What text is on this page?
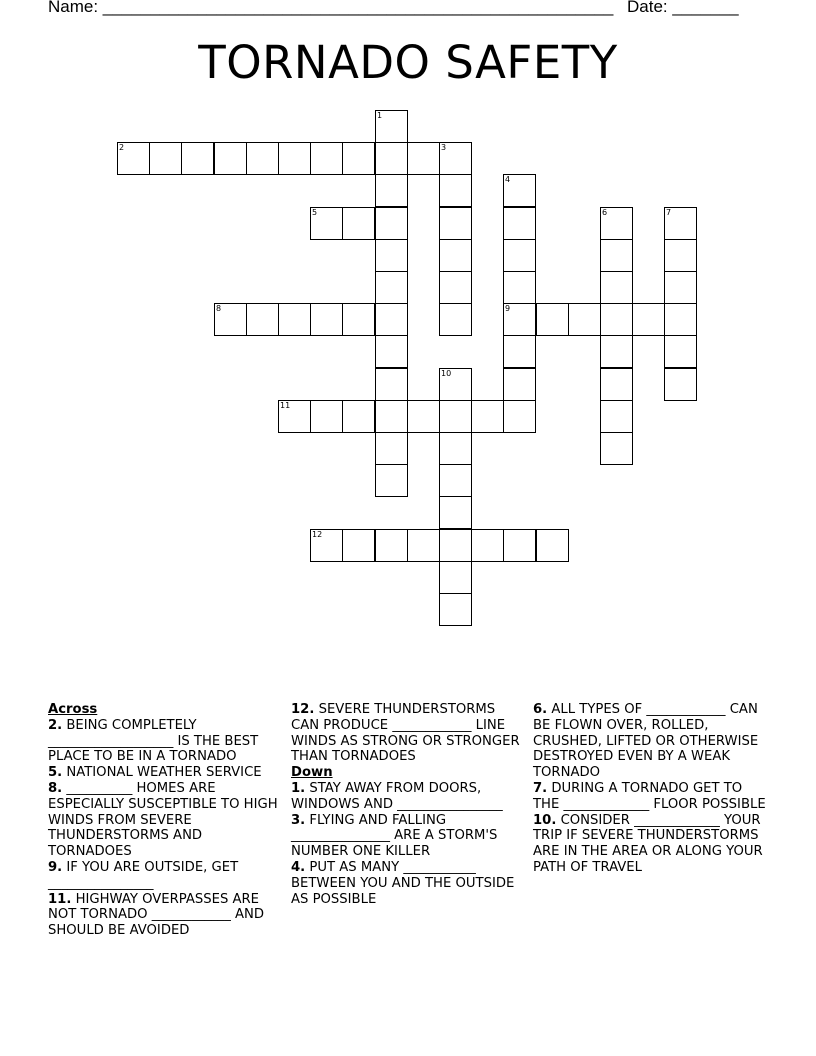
Name: ______________________________________________________ Date: _______
TORNADO SAFETY
2	3
5
8	9
11
12
1
4
6	7
10
Across
2. BEING COMPLETELY ___________________ IS THE BEST PLACE TO BE IN A TORNADO
5. NATIONAL WEATHER SERVICE
8. __________ HOMES ARE ESPECIALLY SUSCEPTIBLE TO HIGH WINDS FROM SEVERE THUNDERSTORMS AND TORNADOES
9. IF YOU ARE OUTSIDE, GET ________________
11. HIGHWAY OVERPASSES ARE NOT TORNADO ____________ AND SHOULD BE AVOIDED
12. SEVERE THUNDERSTORMS CAN PRODUCE ____________ LINE WINDS AS STRONG OR STRONGER THAN TORNADOES
Down
1. STAY AWAY FROM DOORS, WINDOWS AND ________________
3. FLYING AND FALLING _______________ ARE A STORM'S NUMBER ONE KILLER
4. PUT AS MANY ___________ BETWEEN YOU AND THE OUTSIDE AS POSSIBLE
6. ALL TYPES OF ____________ CAN BE FLOWN OVER, ROLLED, CRUSHED, LIFTED OR OTHERWISE DESTROYED EVEN BY A WEAK TORNADO
7. DURING A TORNADO GET TO THE _____________ FLOOR POSSIBLE
10. CONSIDER _____________ YOUR TRIP IF SEVERE THUNDERSTORMS ARE IN THE AREA OR ALONG YOUR PATH OF TRAVEL
